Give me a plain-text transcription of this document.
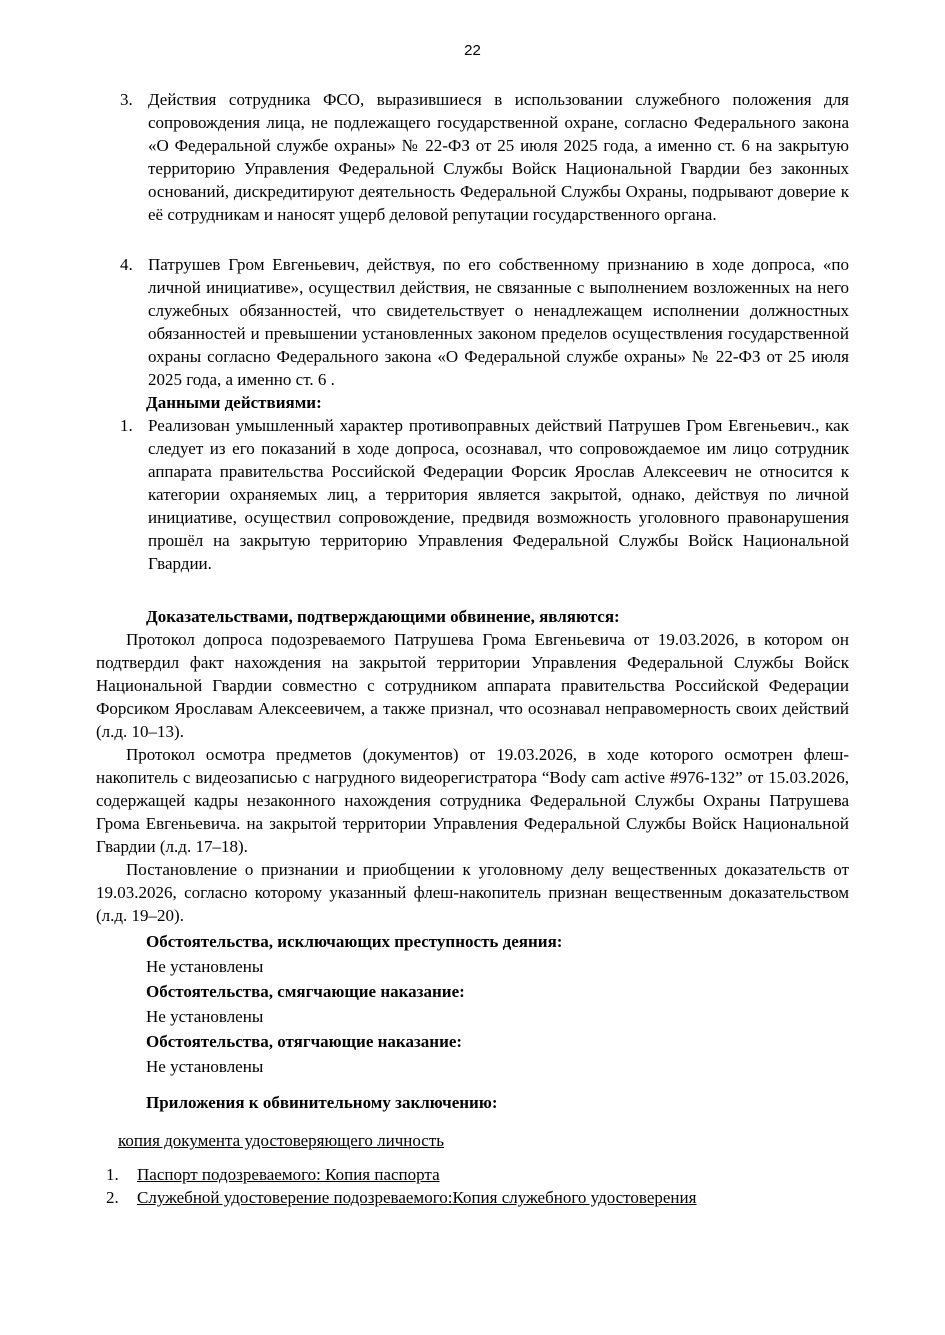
22
3. Действия сотрудника ФСО, выразившиеся в использовании служебного положения для сопровождения лица, не подлежащего государственной охране, согласно Федерального закона «О Федеральной службе охраны» № 22-ФЗ от 25 июля 2025 года, а именно ст. 6 на закрытую территорию Управления Федеральной Службы Войск Национальной Гвардии без законных оснований, дискредитируют деятельность Федеральной Службы Охраны, подрывают доверие к её сотрудникам и наносят ущерб деловой репутации государственного органа.
4. Патрушев Гром Евгеньевич, действуя, по его собственному признанию в ходе допроса, «по личной инициативе», осуществил действия, не связанные с выполнением возложенных на него служебных обязанностей, что свидетельствует о ненадлежащем исполнении должностных обязанностей и превышении установленных законом пределов осуществления государственной охраны согласно Федерального закона «О Федеральной службе охраны» № 22-ФЗ от 25 июля 2025 года, а именно ст. 6 .
Данными действиями:
1. Реализован умышленный характер противоправных действий Патрушев Гром Евгеньевич., как следует из его показаний в ходе допроса, осознавал, что сопровождаемое им лицо сотрудник аппарата правительства Российской Федерации Форсик Ярослав Алексеевич не относится к категории охраняемых лиц, а территория является закрытой, однако, действуя по личной инициативе, осуществил сопровождение, предвидя возможность уголовного правонарушения прошёл на закрытую территорию Управления Федеральной Службы Войск Национальной Гвардии.
Доказательствами, подтверждающими обвинение, являются:
Протокол допроса подозреваемого Патрушева Грома Евгеньевича от 19.03.2026, в котором он подтвердил факт нахождения на закрытой территории Управления Федеральной Службы Войск Национальной Гвардии совместно с сотрудником аппарата правительства Российской Федерации Форсиком Ярославам Алексеевичем, а также признал, что осознавал неправомерность своих действий (л.д. 10–13).
Протокол осмотра предметов (документов) от 19.03.2026, в ходе которого осмотрен флеш-накопитель с видеозаписью с нагрудного видеорегистратора “Body cam active #976-132” от 15.03.2026, содержащей кадры незаконного нахождения сотрудника Федеральной Службы Охраны Патрушева Грома Евгеньевича. на закрытой территории Управления Федеральной Службы Войск Национальной Гвардии (л.д. 17–18).
Постановление о признании и приобщении к уголовному делу вещественных доказательств от 19.03.2026, согласно которому указанный флеш-накопитель признан вещественным доказательством (л.д. 19–20).
Обстоятельства, исключающих преступность деяния:
Не установлены
Обстоятельства, смягчающие наказание:
Не установлены
Обстоятельства, отягчающие наказание:
Не установлены
Приложения к обвинительному заключению:
копия документа удостоверяющего личность
1. Паспорт подозреваемого: Копия паспорта
2. Служебной удостоверение подозреваемого:Копия служебного удостоверения
